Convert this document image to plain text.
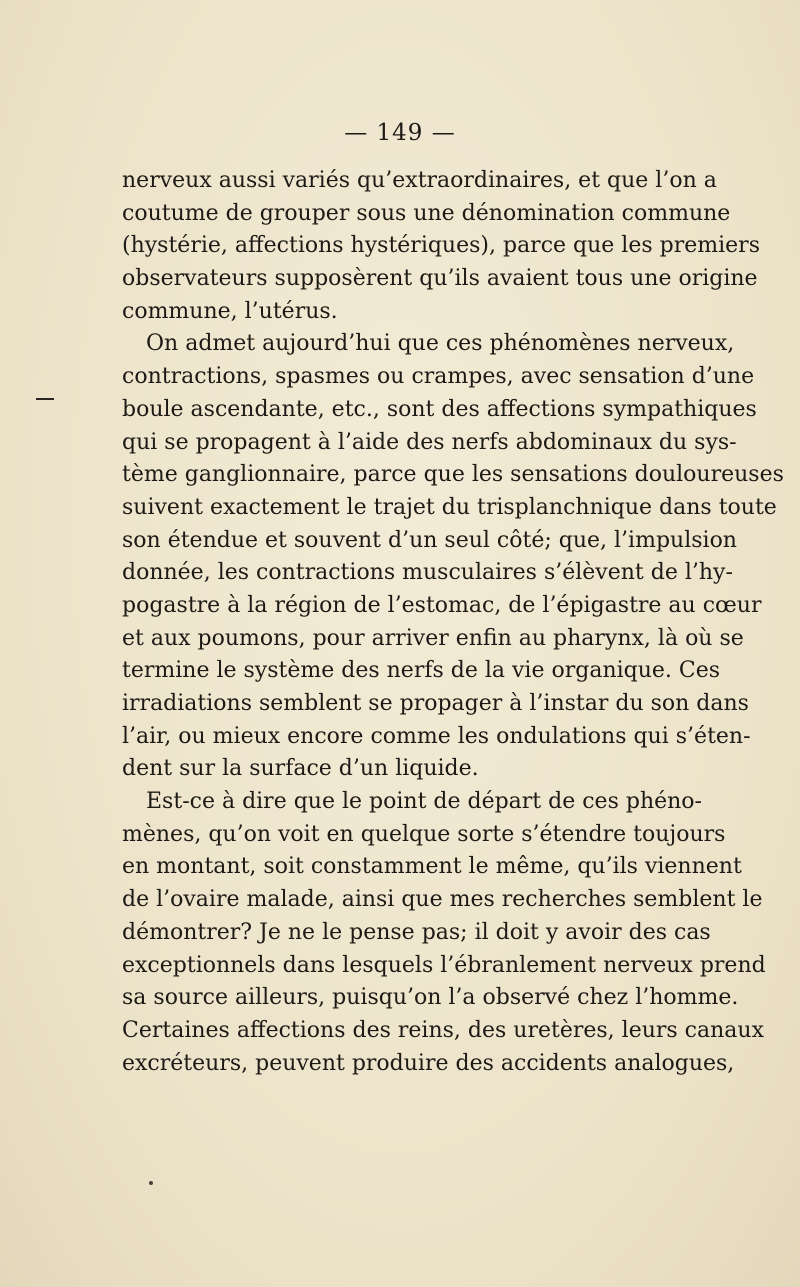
— 149 —
nerveux aussi variés qu’extraordinaires, et que l’on a
coutume de grouper sous une dénomination commune
(hystérie, affections hystériques), parce que les premiers
observateurs supposèrent qu’ils avaient tous une origine
commune, l’utérus.
On admet aujourd’hui que ces phénomènes nerveux,
contractions, spasmes ou crampes, avec sensation d’une
boule ascendante, etc., sont des affections sympathiques
qui se propagent à l’aide des nerfs abdominaux du sys-
tème ganglionnaire, parce que les sensations douloureuses
suivent exactement le trajet du trisplanchnique dans toute
son étendue et souvent d’un seul côté; que, l’impulsion
donnée, les contractions musculaires s’élèvent de l’hy-
pogastre à la région de l’estomac, de l’épigastre au cœur
et aux poumons, pour arriver enfin au pharynx, là où se
termine le système des nerfs de la vie organique. Ces
irradiations semblent se propager à l’instar du son dans
l’air, ou mieux encore comme les ondulations qui s’éten-
dent sur la surface d’un liquide.
Est-ce à dire que le point de départ de ces phéno-
mènes, qu’on voit en quelque sorte s’étendre toujours
en montant, soit constamment le même, qu’ils viennent
de l’ovaire malade, ainsi que mes recherches semblent le
démontrer? Je ne le pense pas; il doit y avoir des cas
exceptionnels dans lesquels l’ébranlement nerveux prend
sa source ailleurs, puisqu’on l’a observé chez l’homme.
Certaines affections des reins, des uretères, leurs canaux
excréteurs, peuvent produire des accidents analogues,
